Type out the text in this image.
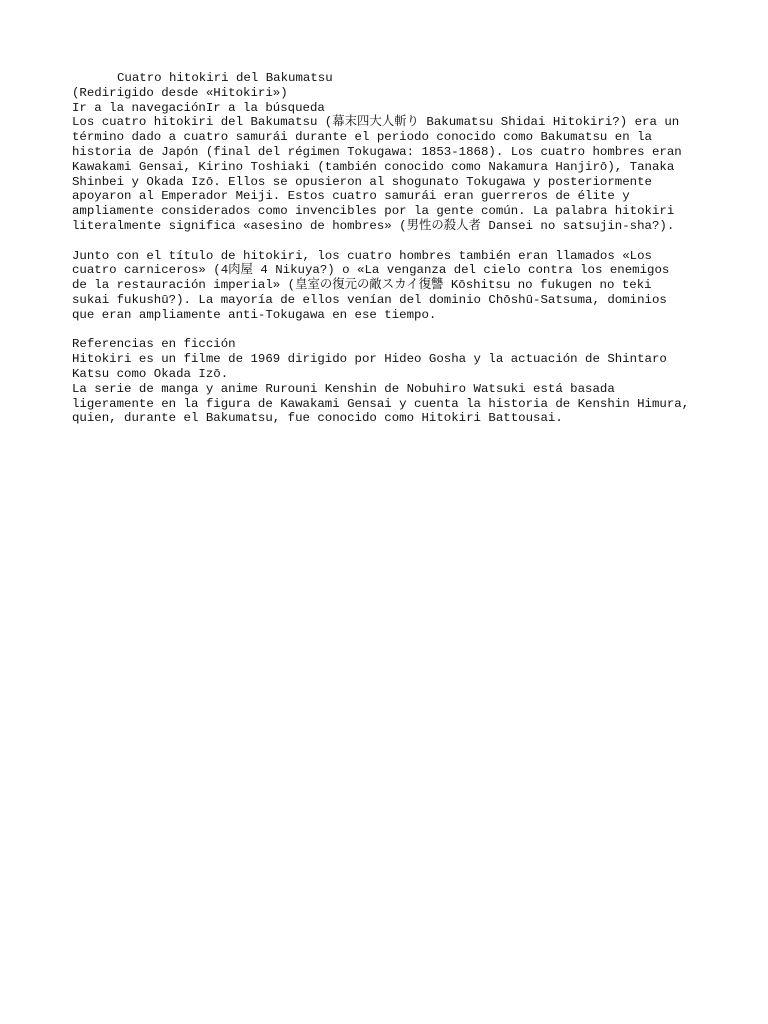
Cuatro hitokiri del Bakumatsu
(Redirigido desde «Hitokiri»)
Ir a la navegaciónIr a la búsqueda
Los cuatro hitokiri del Bakumatsu (幕末四大人斬り Bakumatsu Shidai Hitokiri?) era un
término dado a cuatro samurái durante el periodo conocido como Bakumatsu en la
historia de Japón (final del régimen Tokugawa: 1853-1868). Los cuatro hombres eran
Kawakami Gensai, Kirino Toshiaki (también conocido como Nakamura Hanjirō), Tanaka
Shinbei y Okada Izō. Ellos se opusieron al shogunato Tokugawa y posteriormente
apoyaron al Emperador Meiji. Estos cuatro samurái eran guerreros de élite y
ampliamente considerados como invencibles por la gente común. La palabra hitokiri
literalmente significa «asesino de hombres» (男性の殺人者 Dansei no satsujin-sha?).
Junto con el título de hitokiri, los cuatro hombres también eran llamados «Los
cuatro carniceros» (4肉屋 4 Nikuya?) o «La venganza del cielo contra los enemigos
de la restauración imperial» (皇室の復元の敵スカイ復讐 Kōshitsu no fukugen no teki
sukai fukushū?). La mayoría de ellos venían del dominio Chōshū-Satsuma, dominios
que eran ampliamente anti-Tokugawa en ese tiempo.
Referencias en ficción
Hitokiri es un filme de 1969 dirigido por Hideo Gosha y la actuación de Shintaro
Katsu como Okada Izō.
La serie de manga y anime Rurouni Kenshin de Nobuhiro Watsuki está basada
ligeramente en la figura de Kawakami Gensai y cuenta la historia de Kenshin Himura,
quien, durante el Bakumatsu, fue conocido como Hitokiri Battousai.
